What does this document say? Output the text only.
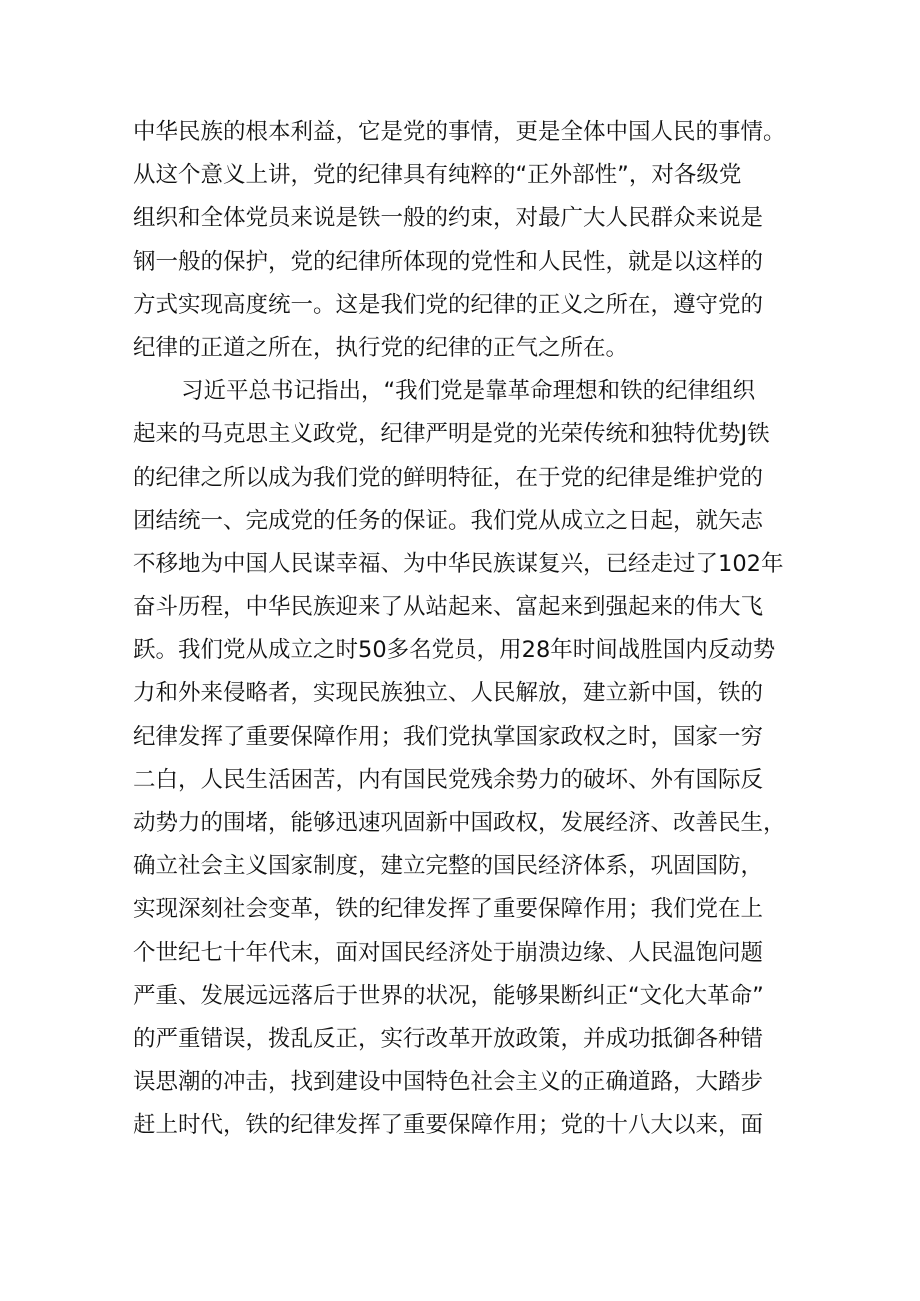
中华民族的根本利益，它是党的事情，更是全体中国人民的事情。
从这个意义上讲，党的纪律具有纯粹的“正外部性”，对各级党
组织和全体党员来说是铁一般的约束，对最广大人民群众来说是
钢一般的保护，党的纪律所体现的党性和人民性，就是以这样的
方式实现高度统一。这是我们党的纪律的正义之所在，遵守党的
纪律的正道之所在，执行党的纪律的正气之所在。
习近平总书记指出，“我们党是靠革命理想和铁的纪律组织
起来的马克思主义政党，纪律严明是党的光荣传统和独特优势J铁
的纪律之所以成为我们党的鲜明特征，在于党的纪律是维护党的
团结统一、完成党的任务的保证。我们党从成立之日起，就矢志
不移地为中国人民谋幸福、为中华民族谋复兴，已经走过了102年
奋斗历程，中华民族迎来了从站起来、富起来到强起来的伟大飞
跃。我们党从成立之时50多名党员，用28年时间战胜国内反动势
力和外来侵略者，实现民族独立、人民解放，建立新中国，铁的
纪律发挥了重要保障作用；我们党执掌国家政权之时，国家一穷
二白，人民生活困苦，内有国民党残余势力的破坏、外有国际反
动势力的围堵，能够迅速巩固新中国政权，发展经济、改善民生，
确立社会主义国家制度，建立完整的国民经济体系，巩固国防，
实现深刻社会变革，铁的纪律发挥了重要保障作用；我们党在上
个世纪七十年代末，面对国民经济处于崩溃边缘、人民温饱问题
严重、发展远远落后于世界的状况，能够果断纠正“文化大革命”
的严重错误，拨乱反正，实行改革开放政策，并成功抵御各种错
误思潮的冲击，找到建设中国特色社会主义的正确道路，大踏步
赶上时代，铁的纪律发挥了重要保障作用；党的十八大以来，面
